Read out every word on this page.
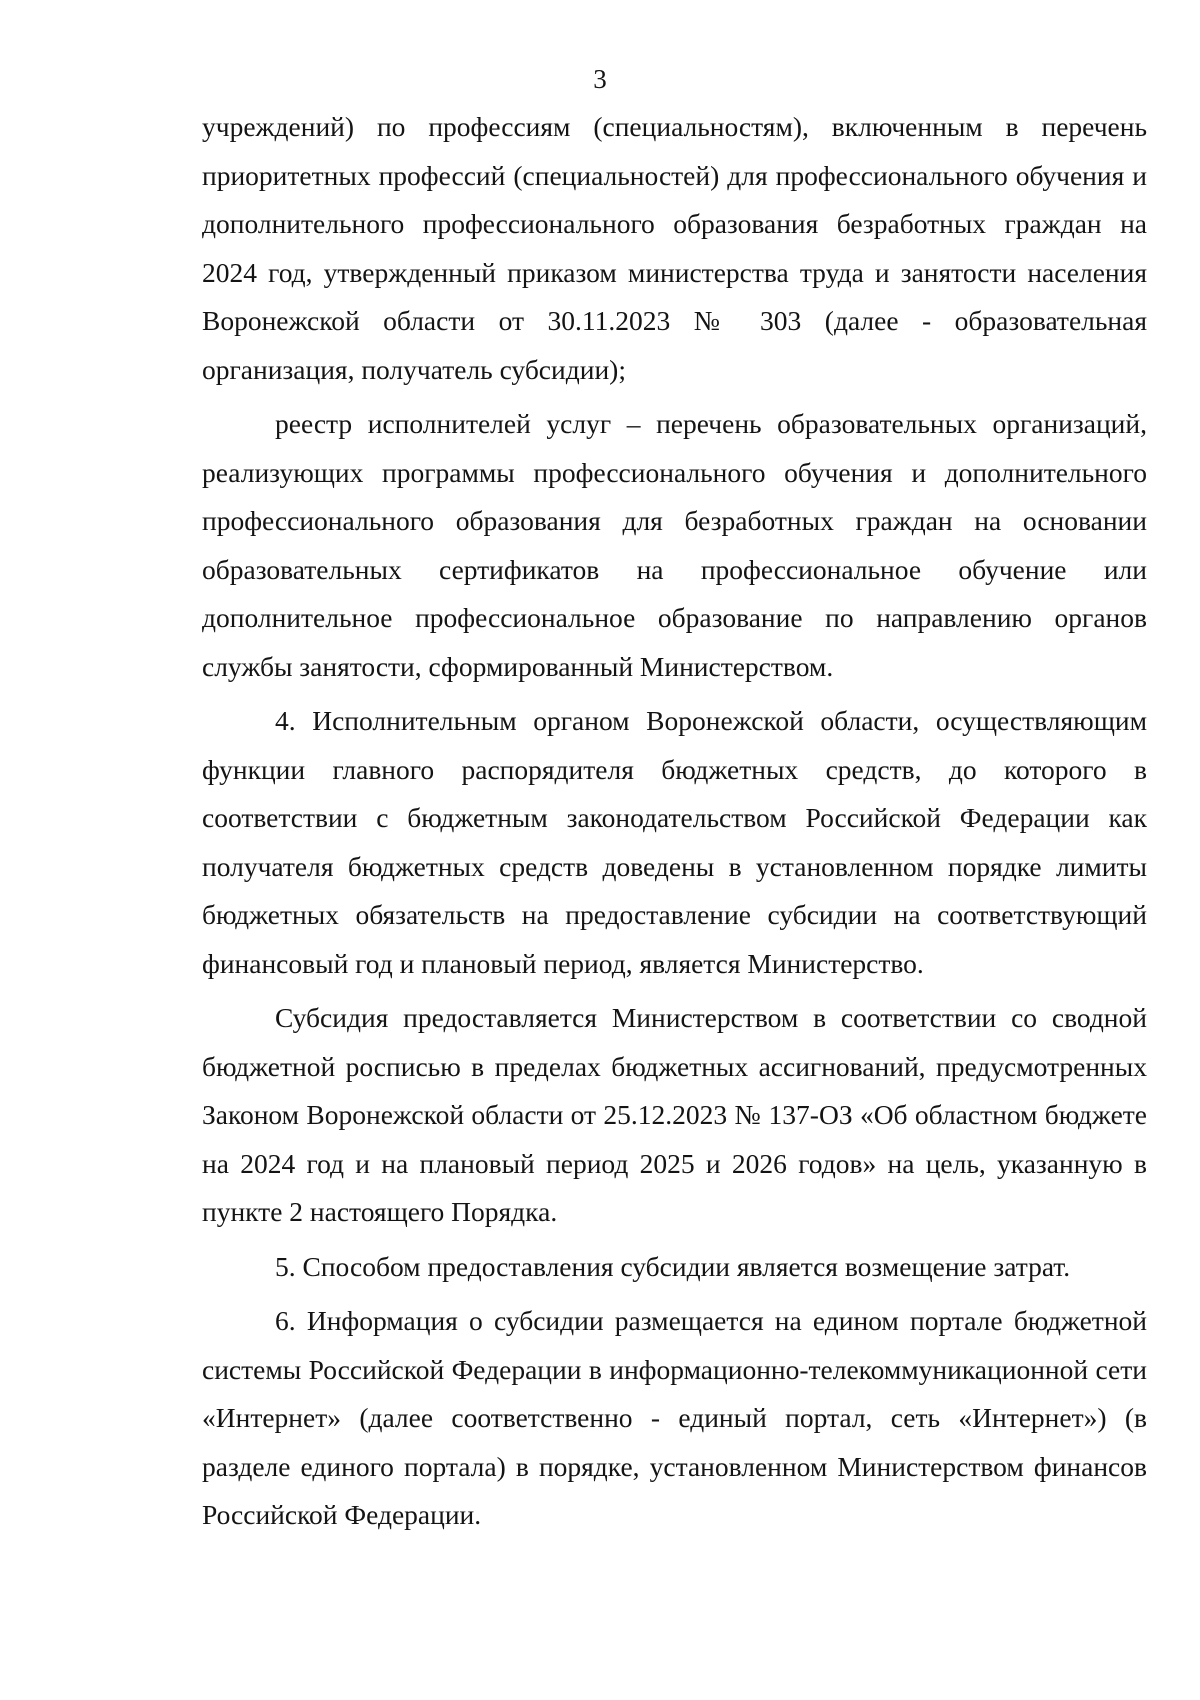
3

учреждений) по профессиям (специальностям), включенным в перечень приоритетных профессий (специальностей) для профессионального обучения и дополнительного профессионального образования безработных граждан на 2024 год, утвержденный приказом министерства труда и занятости населения Воронежской области от 30.11.2023 № 303 (далее - образовательная организация, получатель субсидии);

реестр исполнителей услуг – перечень образовательных организаций, реализующих программы профессионального обучения и дополнительного профессионального образования для безработных граждан на основании образовательных сертификатов на профессиональное обучение или дополнительное профессиональное образование по направлению органов службы занятости, сформированный Министерством.

4. Исполнительным органом Воронежской области, осуществляющим функции главного распорядителя бюджетных средств, до которого в соответствии с бюджетным законодательством Российской Федерации как получателя бюджетных средств доведены в установленном порядке лимиты бюджетных обязательств на предоставление субсидии на соответствующий финансовый год и плановый период, является Министерство.

Субсидия предоставляется Министерством в соответствии со сводной бюджетной росписью в пределах бюджетных ассигнований, предусмотренных Законом Воронежской области от 25.12.2023 № 137-ОЗ «Об областном бюджете на 2024 год и на плановый период 2025 и 2026 годов» на цель, указанную в пункте 2 настоящего Порядка.

5. Способом предоставления субсидии является возмещение затрат.

6. Информация о субсидии размещается на едином портале бюджетной системы Российской Федерации в информационно-телекоммуникационной сети «Интернет» (далее соответственно - единый портал, сеть «Интернет») (в разделе единого портала) в порядке, установленном Министерством финансов Российской Федерации.
